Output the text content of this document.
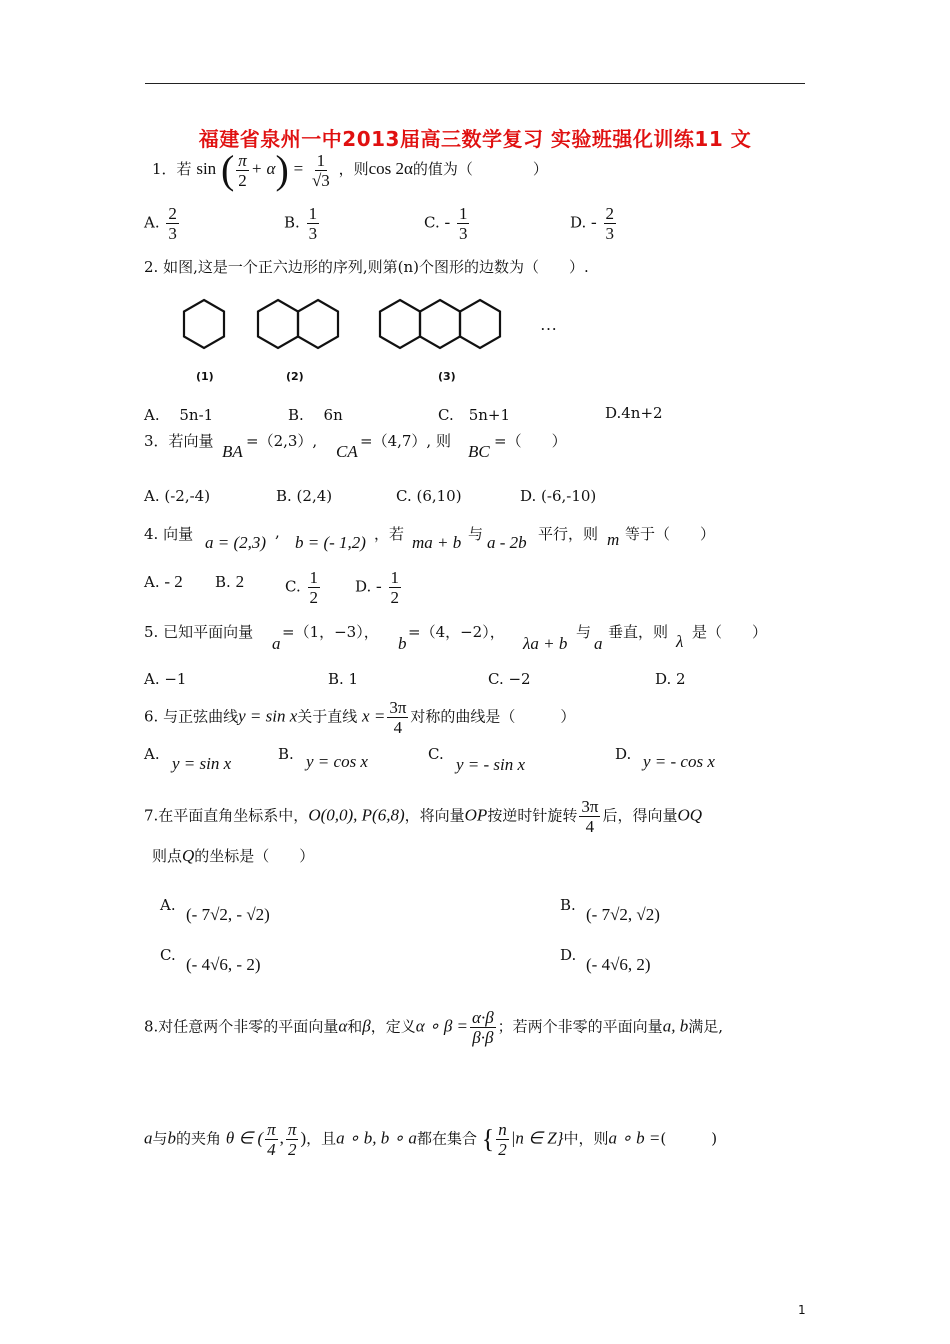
福建省泉州一中2013届高三数学复习 实验班强化训练11 文
1．若 sin ( $\frac{\pi}{2} + \alpha) = \frac{1}{√3}$ ，则cos 2α的值为（　　　　）
A. $\frac{2}{3}$	B. $\frac{1}{3}$	C. - $\frac{1}{3}$	D. - $\frac{2}{3}$
2. 如图,这是一个正六边形的序列,则第(n)个图形的边数为（　　）.
…
(1)	(2)	(3)
A.　 5n-1	B.　 6n	C.　5n+1	D.4n+2
3．若向量
BA
=（2,3）,
CA
=（4,7）, 则
BC
=（　　）
A. (-2,-4)	B. (2,4)	C. (6,10)	D. (-6,-10)
4. 向量 a = (2,3)
,
b = (- 1,2) ，若 ma + b 与 a - 2b 平行，则 m 等于（　　）
A. - 2 B. 2	C. $\frac{1}{2} D$. - $\frac{1}{2}$
5. 已知平面向量
a
=（1，−3），
b
=（4，−2），
λa + b
与
a
垂直，则 λ 是（　　）
A. −1	B. 1	C. −2	D. 2
6. 与正弦曲线y = sin x关于直线 $x = \frac{3\pi}{4}$ 对称的曲线是（　　　）
A. y = sin x	B. y = cos x	C.
y = - sin x
D. y = - cos x
7.在平面直角坐标系中，O(0,0), P(6,8)，将向量OP按逆时针旋转 $\frac{3\pi}{4}$ 后，得向量OQ
则点Q的坐标是（　　）
A. (- 7√2, - √2)	B. (- 7√2, √2)
C. (- 4√6, - 2)	D. (- 4√6, 2)
8.对任意两个非零的平面向量α和β，定义α ∘ $\beta = \frac{\alpha\cdot\beta}{\beta\cdot\beta}$ ；若两个非零的平面向量a, b满足,
a与b的夹角 θ ∈ ( $\frac{\pi}{4}$ , $\frac{\pi}{2}$ )，且a ∘ b, b ∘ a都在集合 { $\frac{n}{2} |n$ ∈ Z}中，则a ∘ b =(　　　)
1
